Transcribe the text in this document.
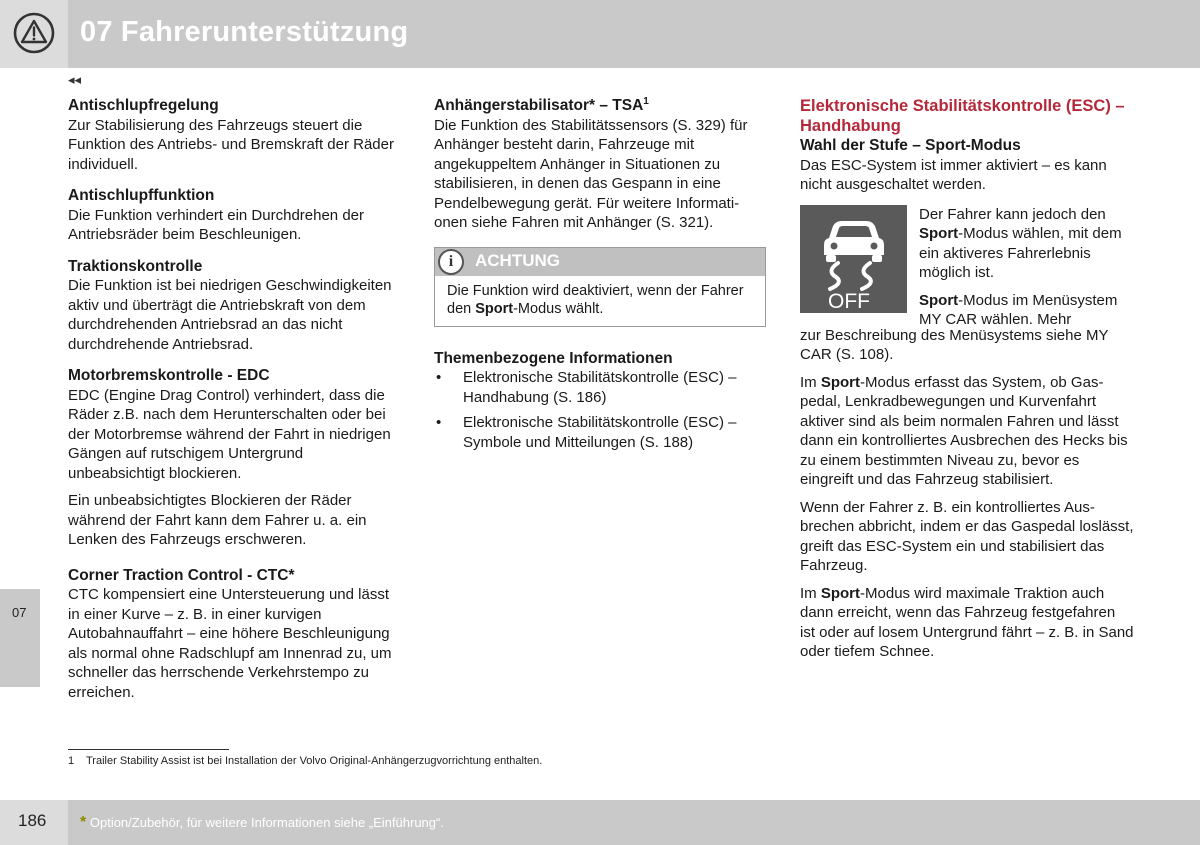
07 Fahrerunterstützung
◂◂
07

Antischlupfregelung

Zur Stabilisierung des Fahrzeugs steuert die Funktion des Antriebs- und Bremskraft der Räder individuell.

Antischlupffunktion

Die Funktion verhindert ein Durchdrehen der Antriebsräder beim Beschleunigen.

Traktionskontrolle

Die Funktion ist bei niedrigen Geschwindigkeiten aktiv und überträgt die Antriebskraft von dem durchdrehenden Antriebsrad an das nicht durchdrehende Antriebsrad.

Motorbremskontrolle - EDC

EDC (Engine Drag Control) verhindert, dass die Räder z.B. nach dem Herunterschalten oder bei der Motorbremse während der Fahrt in niedrigen Gängen auf rutschigem Untergrund unbeabsichtigt blockieren.

Ein unbeabsichtigtes Blockieren der Räder während der Fahrt kann dem Fahrer u. a. ein Lenken des Fahrzeugs erschweren.

Corner Traction Control - CTC*

CTC kompensiert eine Untersteuerung und lässt in einer Kurve – z. B. in einer kurvigen Autobahnauffahrt – eine höhere Beschleunigung als normal ohne Radschlupf am Innenrad zu, um schneller das herrschende Verkehrstempo zu erreichen.

Anhängerstabilisator* – TSA$^1$

Die Funktion des Stabilitätssensors (S. 329) für Anhänger besteht darin, Fahrzeuge mit angekuppeltem Anhänger in Situationen zu stabilisieren, in denen das Gespann in eine Pendelbewegung gerät. Für weitere Informationen siehe Fahren mit Anhänger (S. 321).

i	ACHTUNG
Die Funktion wird deaktiviert, wenn der Fahrer den Sport-Modus wählt.

Themenbezogene Informationen

• Elektronische Stabilitätskontrolle (ESC) – Handhabung (S. 186)
• Elektronische Stabilitätskontrolle (ESC) – Symbole und Mitteilungen (S. 188)

Elektronische Stabilitätskontrolle (ESC) – Handhabung

Wahl der Stufe – Sport-Modus

Das ESC-System ist immer aktiviert – es kann nicht ausgeschaltet werden.

OFF

Der Fahrer kann jedoch den Sport-Modus wählen, mit dem ein aktiveres Fahrerlebnis möglich ist.

Sport-Modus im Menüsystem MY CAR wählen. Mehr

zur Beschreibung des Menüsystems siehe MY CAR (S. 108).

Im Sport-Modus erfasst das System, ob Gaspedal, Lenkradbewegungen und Kurvenfahrt aktiver sind als beim normalen Fahren und lässt dann ein kontrolliertes Ausbrechen des Hecks bis zu einem bestimmten Niveau zu, bevor es eingreift und das Fahrzeug stabilisiert.

Wenn der Fahrer z. B. ein kontrolliertes Ausbrechen abbricht, indem er das Gaspedal loslässt, greift das ESC-System ein und stabilisiert das Fahrzeug.

Im Sport-Modus wird maximale Traktion auch dann erreicht, wenn das Fahrzeug festgefahren ist oder auf losem Untergrund fährt – z. B. in Sand oder tiefem Schnee.

1 Trailer Stability Assist ist bei Installation der Volvo Original-Anhängerzugvorrichtung enthalten.
186 * Option/Zubehör, für weitere Informationen siehe „Einführung“.
